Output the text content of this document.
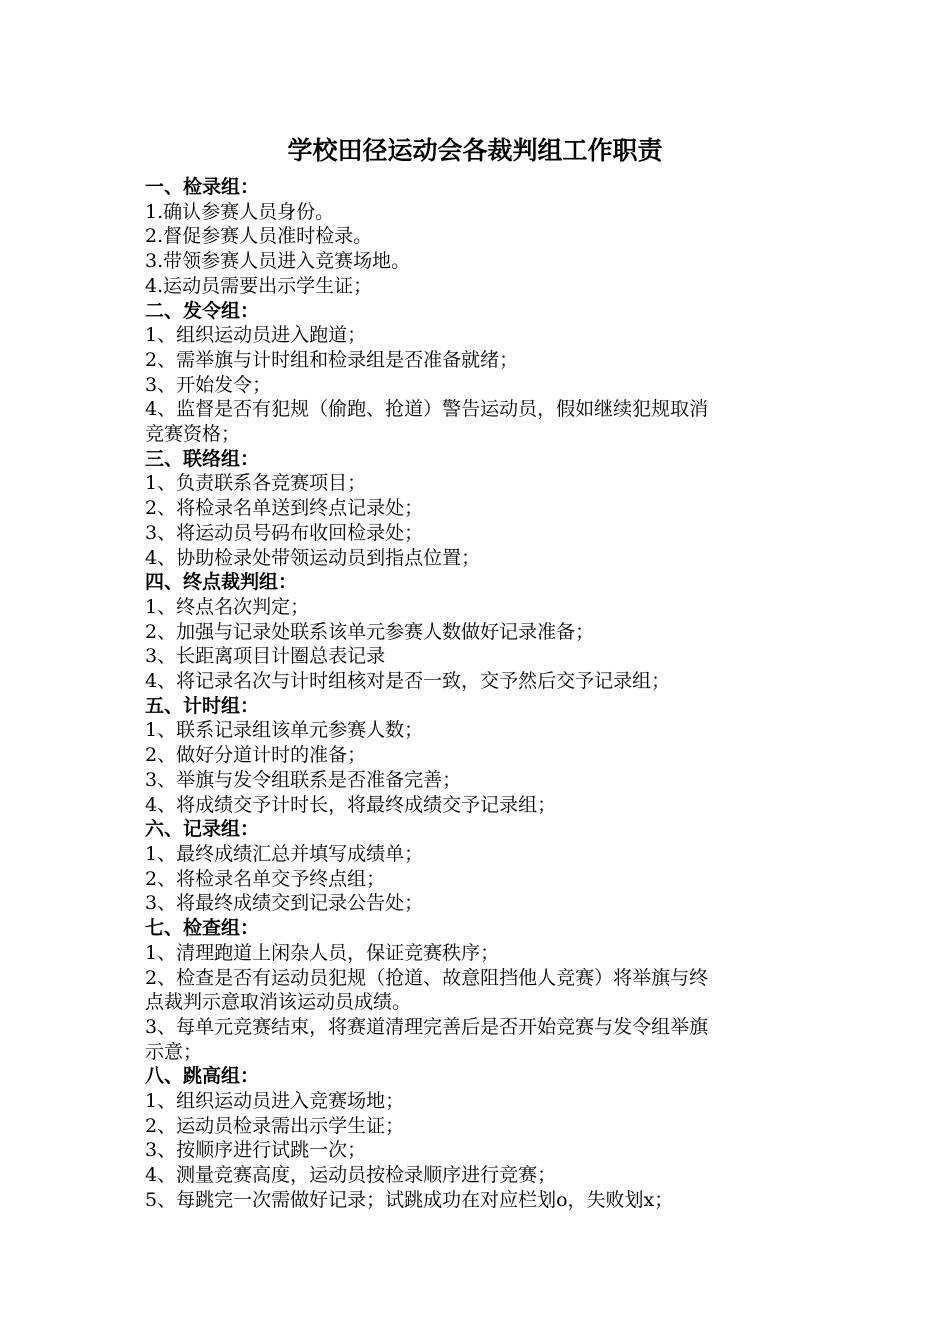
学校田径运动会各裁判组工作职责
一、检录组：
1.确认参赛人员身份。
2.督促参赛人员准时检录。
3.带领参赛人员进入竞赛场地。
4.运动员需要出示学生证；
二、发令组：
1、组织运动员进入跑道；
2、需举旗与计时组和检录组是否准备就绪；
3、开始发令；
4、监督是否有犯规（偷跑、抢道）警告运动员，假如继续犯规取消
竞赛资格；
三、联络组：
1、负责联系各竞赛项目；
2、将检录名单送到终点记录处；
3、将运动员号码布收回检录处；
4、协助检录处带领运动员到指点位置；
四、终点裁判组：
1、终点名次判定；
2、加强与记录处联系该单元参赛人数做好记录准备；
3、长距离项目计圈总表记录
4、将记录名次与计时组核对是否一致，交予然后交予记录组；
五、计时组：
1、联系记录组该单元参赛人数；
2、做好分道计时的准备；
3、举旗与发令组联系是否准备完善；
4、将成绩交予计时长，将最终成绩交予记录组；
六、记录组：
1、最终成绩汇总并填写成绩单；
2、将检录名单交予终点组；
3、将最终成绩交到记录公告处；
七、检查组：
1、清理跑道上闲杂人员，保证竞赛秩序；
2、检查是否有运动员犯规（抢道、故意阻挡他人竞赛）将举旗与终
点裁判示意取消该运动员成绩。
3、每单元竞赛结束，将赛道清理完善后是否开始竞赛与发令组举旗
示意；
八、跳高组：
1、组织运动员进入竞赛场地；
2、运动员检录需出示学生证；
3、按顺序进行试跳一次；
4、测量竞赛高度，运动员按检录顺序进行竞赛；
5、每跳完一次需做好记录；试跳成功在对应栏划o，失败划x；
